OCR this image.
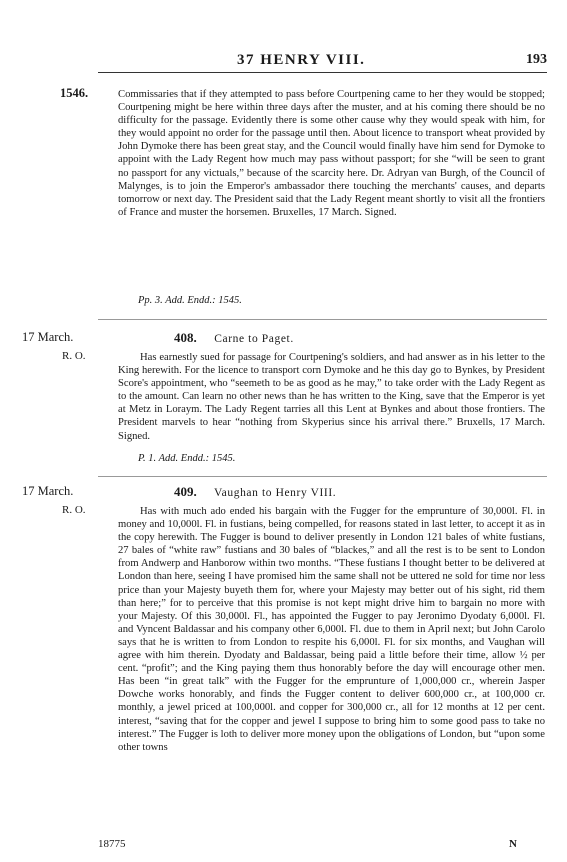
37 HENRY VIII.	193
1546.	Commissaries that if they attempted to pass before Courtpening came to her they would be stopped; Courtpening might be here within three days after the muster, and at his coming there should be no difficulty for the passage. Evidently there is some other cause why they would speak with him, for they would appoint no order for the passage until then. About licence to transport wheat provided by John Dymoke there has been great stay, and the Council would finally have him send for Dymoke to appoint with the Lady Regent how much may pass without passport; for she “will be seen to grant no passport for any victuals,” because of the scarcity here. Dr. Adryan van Burgh, of the Council of Malynges, is to join the Emperor's ambassador there touching the merchants' causes, and departs tomorrow or next day. The President said that the Lady Regent meant shortly to visit all the frontiers of France and muster the horsemen. Bruxelles, 17 March. Signed.

Pp. 3. Add. Endd.: 1545.
17 March.
R. O.
408. Carne to Paget.

Has earnestly sued for passage for Courtpening's soldiers, and had answer as in his letter to the King herewith. For the licence to transport corn Dymoke and he this day go to Bynkes, by President Score's appointment, who “seemeth to be as good as he may,” to take order with the Lady Regent as to the amount. Can learn no other news than he has written to the King, save that the Emperor is yet at Metz in Loraym. The Lady Regent tarries all this Lent at Bynkes and about those frontiers. The President marvels to hear “nothing from Skyperius since his arrival there.” Bruxells, 17 March. Signed.

P. 1. Add. Endd.: 1545.
17 March.
R. O.
409. Vaughan to Henry VIII.

Has with much ado ended his bargain with the Fugger for the emprunture of 30,000l. Fl. in money and 10,000l. Fl. in fustians, being compelled, for reasons stated in last letter, to accept it as in the copy herewith. The Fugger is bound to deliver presently in London 121 bales of white fustians, 27 bales of “white raw” fustians and 30 bales of “blackes,” and all the rest is to be sent to London from Andwerp and Hanborow within two months. “These fustians I thought better to be delivered at London than here, seeing I have promised him the same shall not be uttered ne sold for time nor less price than your Majesty buyeth them for, where your Majesty may better out of his sight, rid them than here;” for to perceive that this promise is not kept might drive him to bargain no more with your Majesty. Of this 30,000l. Fl., has appointed the Fugger to pay Jeronimo Dyodaty 6,000l. Fl. and Vyncent Baldassar and his company other 6,000l. Fl. due to them in April next; but John Carolo says that he is written to from London to respite his 6,000l. Fl. for six months, and Vaughan will agree with him therein. Dyodaty and Baldassar, being paid a little before their time, allow ½ per cent. “profit”; and the King paying them thus honorably before the day will encourage other men. Has been “in great talk” with the Fugger for the emprunture of 1,000,000 cr., wherein Jasper Dowche works honorably, and finds the Fugger content to deliver 600,000 cr., at 100,000 cr. monthly, a jewel priced at 100,000l. and copper for 300,000 cr., all for 12 months at 12 per cent. interest, “saving that for the copper and jewel I suppose to bring him to some good pass to take no interest.” The Fugger is loth to deliver more money upon the obligations of London, but “upon some other towns

18775	N
